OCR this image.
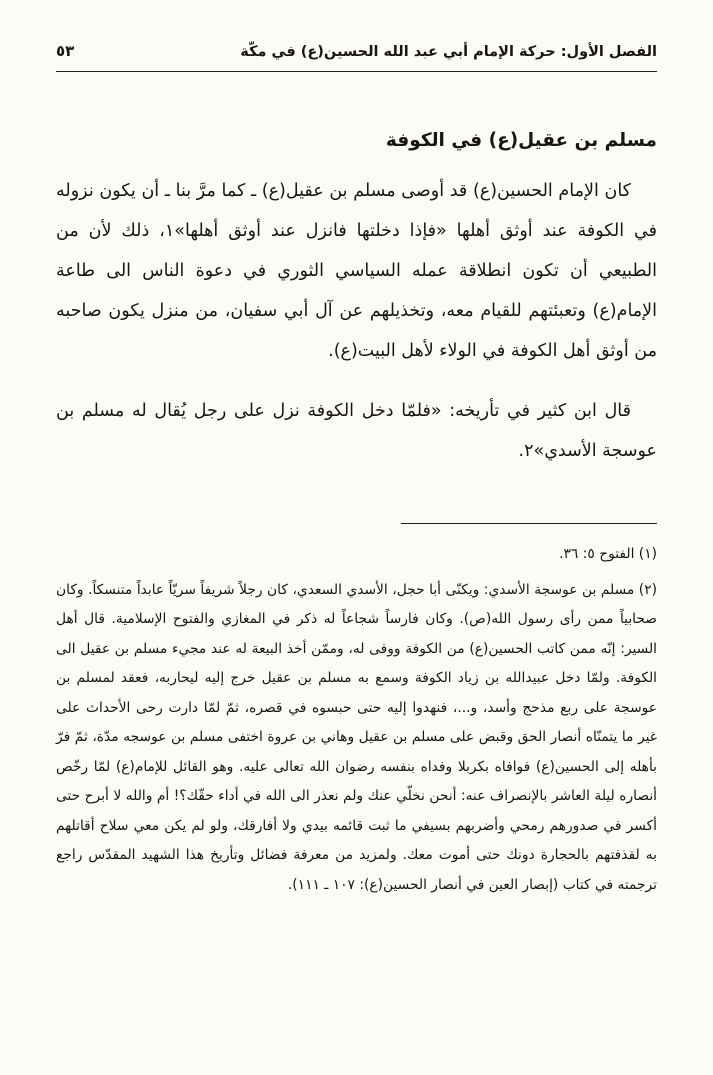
الفصل الأول: حركة الإمام أبي عبد الله الحسين(ع) في مكّة
٥٣
مسلم بن عقيل(ع) في الكوفة

كان الإمام الحسين(ع) قد أوصى مسلم بن عقيل(ع) ـ كما مرَّ بنا ـ أن يكون نزوله في الكوفة عند أوثق أهلها «فإذا دخلتها فانزل عند أوثق أهلها»١، ذلك لأن من الطبيعي أن تكون انطلاقة عمله السياسي الثوري في دعوة الناس الى طاعة الإمام(ع) وتعبئتهم للقيام معه، وتخذيلهم عن آل أبي سفيان، من منزل يكون صاحبه من أوثق أهل الكوفة في الولاء لأهل البيت(ع).

قال ابن كثير في تأريخه: «فلمّا دخل الكوفة نزل على رجل يُقال له مسلم بن عوسجة الأسدي»٢.

(١) الفتوح ٥: ٣٦.

(٢) مسلم بن عوسجة الأسدي: ويكنّى أبا حجل، الأسدي السعدي، كان رجلاً شريفاً سريّاً عابداً متنسكاً. وكان صحابياً ممن رأى رسول الله(ص). وكان فارساً شجاعاً له ذكر في المغازي والفتوح الإسلامية. قال أهل السير: إنّه ممن كاتب الحسين(ع) من الكوفة ووفى له، وممّن أخذ البيعة له عند مجيء مسلم بن عقيل الى الكوفة. ولمّا دخل عبيدالله بن زياد الكوفة وسمع به مسلم بن عقيل خرج إليه ليحاربه، فعقد لمسلم بن عوسجة على ربع مذحج وأسد، و...، فنهدوا إليه حتى حبسوه في قصره، ثمّ لمّا دارت رحى الأحداث على غير ما يتمنّاه أنصار الحق وقبض على مسلم بن عقيل وهاني بن عروة اختفى مسلم بن عوسجه مدّة، ثمّ فرّ بأهله إلى الحسين(ع) فوافاه بكربلا وفداه بنفسه رضوان الله تعالى عليه. وهو القائل للإمام(ع) لمّا رخّص أنصاره ليلة العاشر بالإنصراف عنه: أنحن نخلّي عنك ولم نعذر الى الله في أداء حقّك؟! أم والله لا أبرح حتى أكسر في صدورهم رمحي وأضربهم بسيفي ما ثبت قائمه بيدي ولا أفارقك، ولو لم يكن معي سلاح أقاتلهم به لقذفتهم بالحجارة دونك حتى أموت معك. ولمزيد من معرفة فضائل وتأريخ هذا الشهيد المقدّس راجع ترجمته في كتاب (إبصار العين في أنصار الحسين(ع): ١٠٧ ـ ١١١).
